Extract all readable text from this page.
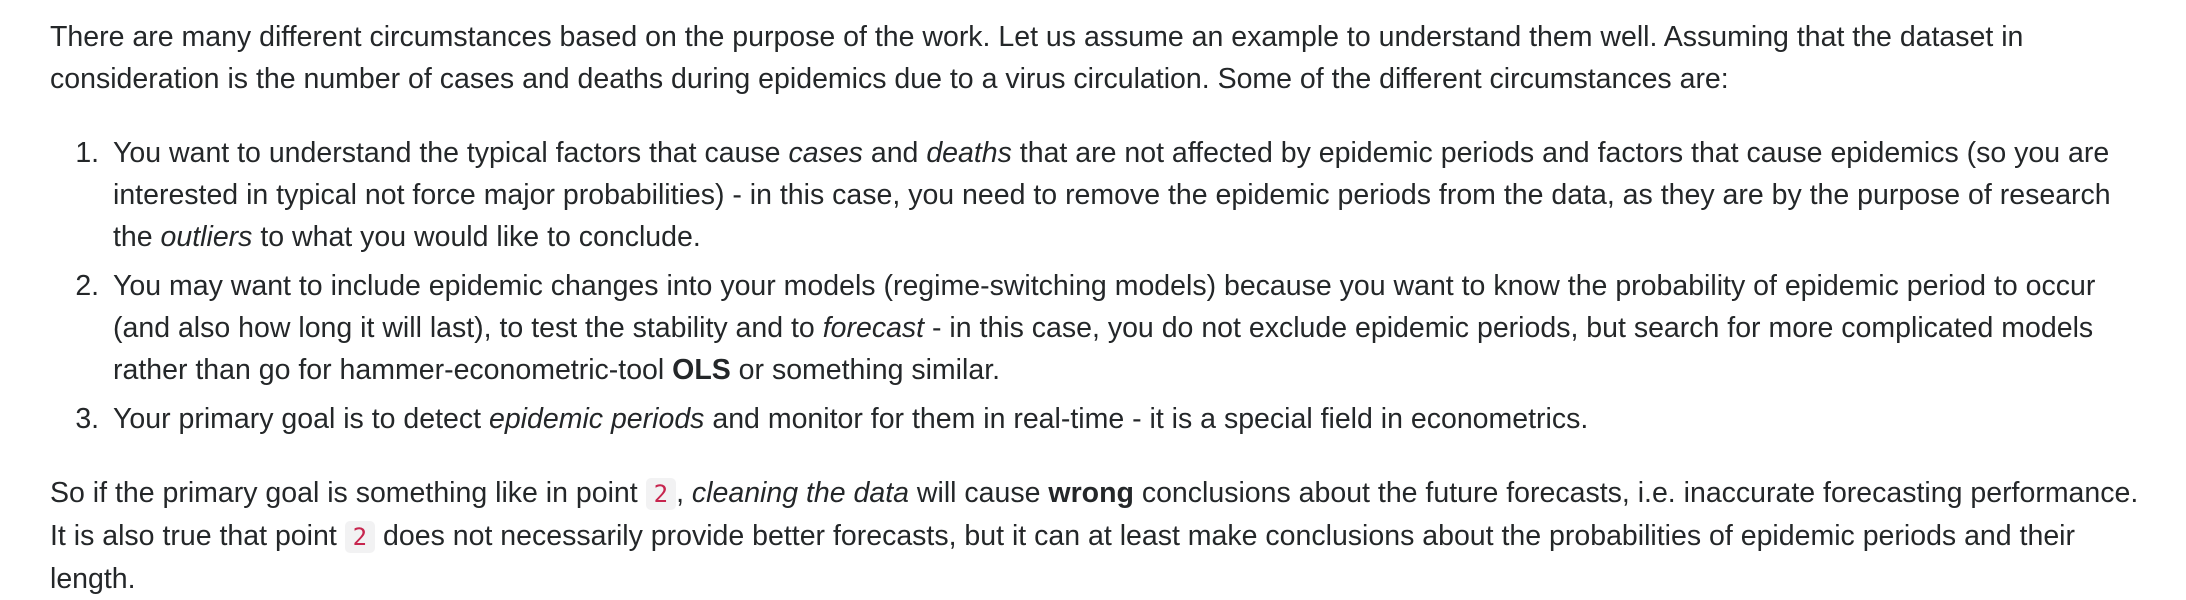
There are many different circumstances based on the purpose of the work. Let us assume an example to understand them well. Assuming that the dataset in consideration is the number of cases and deaths during epidemics due to a virus circulation. Some of the different circumstances are:

1. You want to understand the typical factors that cause cases and deaths that are not affected by epidemic periods and factors that cause epidemics (so you are interested in typical not force major probabilities) - in this case, you need to remove the epidemic periods from the data, as they are by the purpose of research the outliers to what you would like to conclude.
2. You may want to include epidemic changes into your models (regime-switching models) because you want to know the probability of epidemic period to occur (and also how long it will last), to test the stability and to forecast - in this case, you do not exclude epidemic periods, but search for more complicated models rather than go for hammer-econometric-tool OLS or something similar.
3. Your primary goal is to detect epidemic periods and monitor for them in real-time - it is a special field in econometrics.

So if the primary goal is something like in point 2 , cleaning the data will cause wrong conclusions about the future forecasts, i.e. inaccurate forecasting performance. It is also true that point 2 does not necessarily provide better forecasts, but it can at least make conclusions about the probabilities of epidemic periods and their length.
